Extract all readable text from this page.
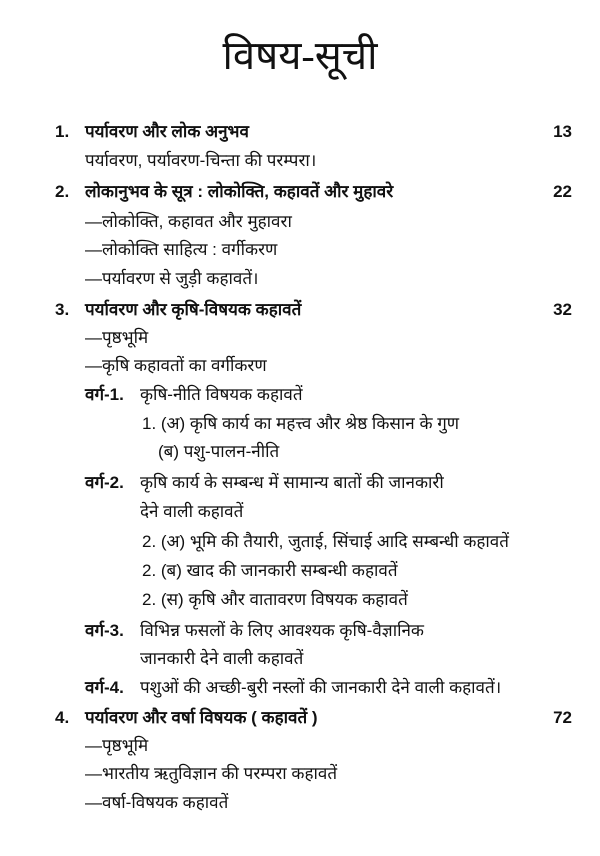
विषय-सूची
1. पर्यावरण और लोक अनुभव	13
पर्यावरण, पर्यावरण-चिन्ता की परम्परा।
2. लोकानुभव के सूत्र : लोकोक्ति, कहावतें और मुहावरे	22
—लोकोक्ति, कहावत और मुहावरा
—लोकोक्ति साहित्य : वर्गीकरण
—पर्यावरण से जुड़ी कहावतें।
3. पर्यावरण और कृषि-विषयक कहावतें	32
—पृष्ठभूमि
—कृषि कहावतों का वर्गीकरण
वर्ग-1. कृषि-नीति विषयक कहावतें
1. (अ) कृषि कार्य का महत्त्व और श्रेष्ठ किसान के गुण
(ब) पशु-पालन-नीति
वर्ग-2. कृषि कार्य के सम्बन्ध में सामान्य बातों की जानकारी
देने वाली कहावतें
2. (अ) भूमि की तैयारी, जुताई, सिंचाई आदि सम्बन्धी कहावतें
2. (ब) खाद की जानकारी सम्बन्धी कहावतें
2. (स) कृषि और वातावरण विषयक कहावतें
वर्ग-3. विभिन्न फसलों के लिए आवश्यक कृषि-वैज्ञानिक
जानकारी देने वाली कहावतें
वर्ग-4. पशुओं की अच्छी-बुरी नस्लों की जानकारी देने वाली कहावतें।
4. पर्यावरण और वर्षा विषयक ( कहावतें )	72
—पृष्ठभूमि
—भारतीय ऋतुविज्ञान की परम्परा कहावतें
—वर्षा-विषयक कहावतें
